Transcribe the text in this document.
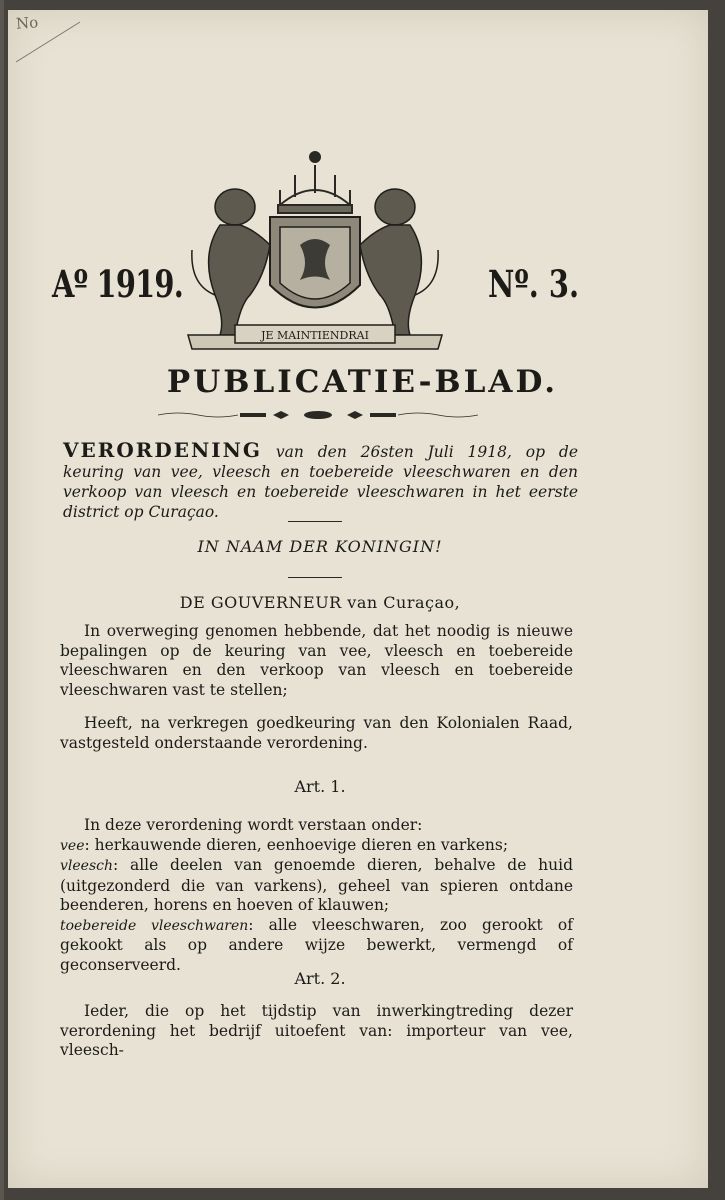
No
Aº 1919.
JE MAINTIENDRAI
Nº. 3.
PUBLICATIE-BLAD.
VERORDENING van den 26sten Juli 1918, op de keuring van vee, vleesch en toebereide vleeschwaren en den verkoop van vleesch en toebereide vleeschwaren in het eerste district op Curaçao.
IN NAAM DER KONINGIN!
DE GOUVERNEUR van Curaçao,
In overweging genomen hebbende, dat het noodig is nieuwe bepalingen op de keuring van vee, vleesch en toebereide vleeschwaren en den verkoop van vleesch en toebereide vleeschwaren vast te stellen;
Heeft, na verkregen goedkeuring van den Kolonialen Raad, vastgesteld onderstaande verordening.
Art. 1.
In deze verordening wordt verstaan onder:
vee: herkauwende dieren, eenhoevige dieren en varkens;
vleesch: alle deelen van genoemde dieren, behalve de huid (uitgezonderd die van varkens), geheel van spieren ontdane beenderen, horens en hoeven of klauwen;
toebereide vleeschwaren: alle vleeschwaren, zoo gerookt of gekookt als op andere wijze bewerkt, vermengd of geconserveerd.
Art. 2.
Ieder, die op het tijdstip van inwerkingtreding dezer verordening het bedrijf uitoefent van: importeur van vee, vleesch-
